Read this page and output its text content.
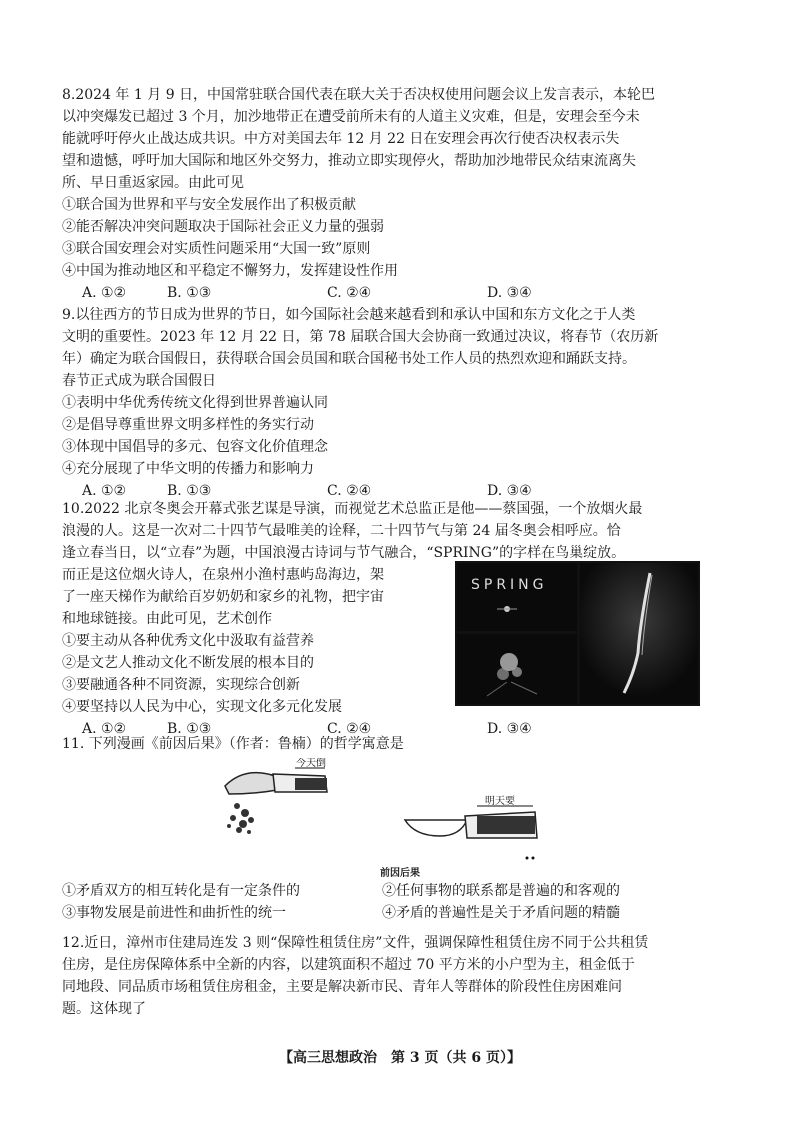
8.2024 年 1 月 9 日，中国常驻联合国代表在联大关于否决权使用问题会议上发言表示，本轮巴
以冲突爆发已超过 3 个月，加沙地带正在遭受前所未有的人道主义灾难，但是，安理会至今未
能就呼吁停火止战达成共识。中方对美国去年 12 月 22 日在安理会再次行使否决权表示失
望和遗憾，呼吁加大国际和地区外交努力，推动立即实现停火，帮助加沙地带民众结束流离失
所、早日重返家园。由此可见
①联合国为世界和平与安全发展作出了积极贡献
②能否解决冲突问题取决于国际社会正义力量的强弱
③联合国安理会对实质性问题采用“大国一致”原则
④中国为推动地区和平稳定不懈努力，发挥建设性作用
A. ①②	B. ①③	C. ②④	D. ③④
9.以往西方的节日成为世界的节日，如今国际社会越来越看到和承认中国和东方文化之于人类
文明的重要性。2023 年 12 月 22 日，第 78 届联合国大会协商一致通过决议，将春节（农历新
年）确定为联合国假日，获得联合国会员国和联合国秘书处工作人员的热烈欢迎和踊跃支持。
春节正式成为联合国假日
①表明中华优秀传统文化得到世界普遍认同
②是倡导尊重世界文明多样性的务实行动
③体现中国倡导的多元、包容文化价值理念
④充分展现了中华文明的传播力和影响力
A. ①②	B. ①③	C. ②④	D. ③④
10.2022 北京冬奥会开幕式张艺谋是导演，而视觉艺术总监正是他——蔡国强，一个放烟火最
浪漫的人。这是一次对二十四节气最唯美的诠释，二十四节气与第 24 届冬奥会相呼应。恰
逢立春当日，以“立春”为题，中国浪漫古诗词与节气融合，“SPRING”的字样在鸟巢绽放。
而正是这位烟火诗人，在泉州小渔村惠屿岛海边，架
了一座天梯作为献给百岁奶奶和家乡的礼物，把宇宙
和地球链接。由此可见，艺术创作
①要主动从各种优秀文化中汲取有益营养
②是文艺人推动文化不断发展的根本目的
③要融通各种不同资源，实现综合创新
④要坚持以人民为中心，实现文化多元化发展
A. ①②	B. ①③	C. ②④	D. ③④
SPRING
11. 下列漫画《前因后果》（作者：鲁楠）的哲学寓意是
今天倒
明天要
前因后果
①矛盾双方的相互转化是有一定条件的	②任何事物的联系都是普遍的和客观的
③事物发展是前进性和曲折性的统一	④矛盾的普遍性是关于矛盾问题的精髓
12.近日，漳州市住建局连发 3 则“保障性租赁住房”文件，强调保障性租赁住房不同于公共租赁
住房，是住房保障体系中全新的内容，以建筑面积不超过 70 平方米的小户型为主，租金低于
同地段、同品质市场租赁住房租金，主要是解决新市民、青年人等群体的阶段性住房困难问
题。这体现了
【高三思想政治　第 3 页（共 6 页）】
